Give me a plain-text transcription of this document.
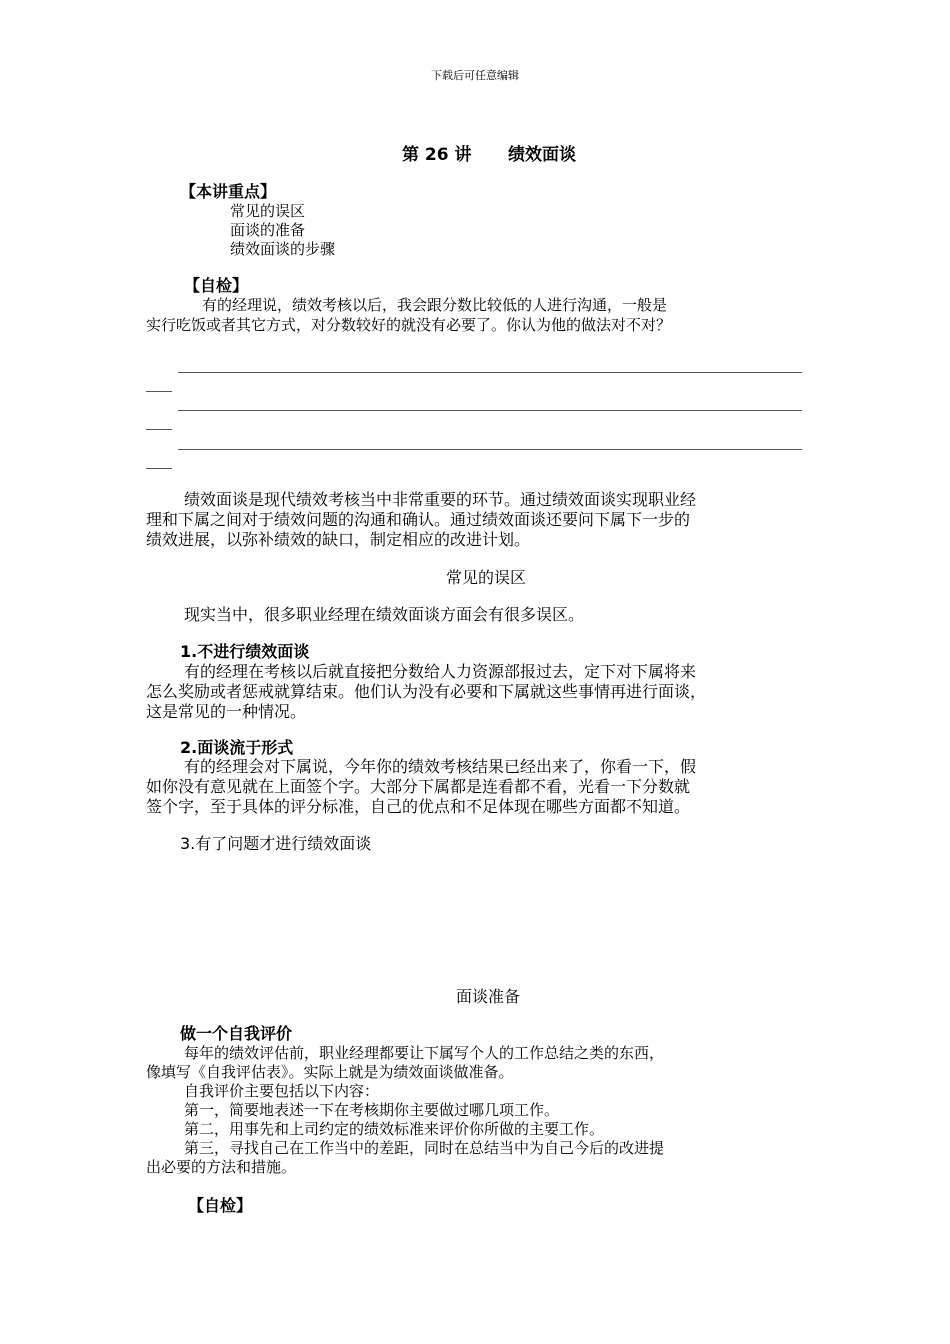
下载后可任意编辑
第 26 讲 绩效面谈
【本讲重点】
常见的误区
面谈的准备
绩效面谈的步骤
【自检】
有的经理说，绩效考核以后，我会跟分数比较低的人进行沟通，一般是
实行吃饭或者其它方式，对分数较好的就没有必要了。你认为他的做法对不对？
绩效面谈是现代绩效考核当中非常重要的环节。通过绩效面谈实现职业经
理和下属之间对于绩效问题的沟通和确认。通过绩效面谈还要问下属下一步的
绩效进展，以弥补绩效的缺口，制定相应的改进计划。
常见的误区
现实当中，很多职业经理在绩效面谈方面会有很多误区。
1.不进行绩效面谈
有的经理在考核以后就直接把分数给人力资源部报过去，定下对下属将来
怎么奖励或者惩戒就算结束。他们认为没有必要和下属就这些事情再进行面谈，
这是常见的一种情况。
2.面谈流于形式
有的经理会对下属说，今年你的绩效考核结果已经出来了，你看一下，假
如你没有意见就在上面签个字。大部分下属都是连看都不看，光看一下分数就
签个字，至于具体的评分标准，自己的优点和不足体现在哪些方面都不知道。
3.有了问题才进行绩效面谈
面谈准备
做一个自我评价
每年的绩效评估前，职业经理都要让下属写个人的工作总结之类的东西，
像填写《自我评估表》。实际上就是为绩效面谈做准备。
自我评价主要包括以下内容：
第一，简要地表述一下在考核期你主要做过哪几项工作。
第二，用事先和上司约定的绩效标准来评价你所做的主要工作。
第三，寻找自己在工作当中的差距，同时在总结当中为自己今后的改进提
出必要的方法和措施。
【自检】
